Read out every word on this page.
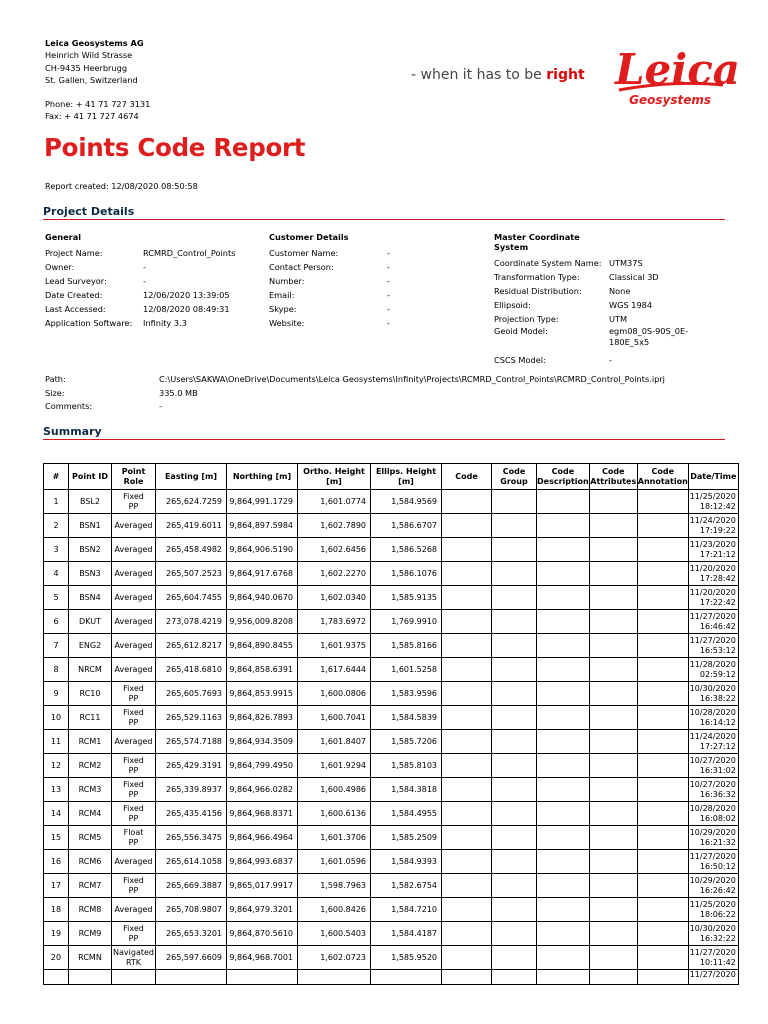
Leica Geosystems AG
Heinrich Wild Strasse
CH-9435 Heerbrugg
St. Gallen, Switzerland
Phone: + 41 71 727 3131
Fax: + 41 71 727 4674
- when it has to be right Leica
Geosystems
Points Code Report
Report created: 12/08/2020 08:50:58
Project Details
General
Project Name:	RCMRD_Control_Points
Owner:	-
Lead Surveyor:	-
Date Created:	12/06/2020 13:39:05
Last Accessed:	12/08/2020 08:49:31
Application Software:	Infinity 3.3
Customer Details
Customer Name:	-
Contact Person:	-
Number:	-
Email:	-
Skype:	-
Website:	-
Master Coordinate
System
Coordinate System Name: UTM37S
Transformation Type:	Classical 3D
Residual Distribution:	None
Ellipsoid:	WGS 1984
Projection Type:	UTM
Geoid Model:	egm08_0S-90S_0E-
180E_5x5
CSCS Model:	-
Path:	C:\Users\SAKWA\OneDrive\Documents\Leica Geosystems\Infinity\Projects\RCMRD_Control_Points\RCMRD_Control_Points.iprj
Size:	335.0 MB
Comments:	-
Summary
#	Point ID	Point
Role	Easting [m]	Northing [m]	Ortho. Height
[m]	Ellips. Height
[m]	Code	Code
Group	Code
Description	Code
Attributes	Code
Annotation	Date/Time
1	BSL2	Fixed
PP	265,624.7259	9,864,991.1729	1,601.0774	1,584.9569						11/25/2020
18:12:42
2	BSN1	Averaged	265,419.6011	9,864,897.5984	1,602.7890	1,586.6707						11/24/2020
17:19:22
3	BSN2	Averaged	265,458.4982	9,864,906.5190	1,602.6456	1,586.5268						11/23/2020
17:21:12
4	BSN3	Averaged	265,507.2523	9,864,917.6768	1,602.2270	1,586.1076						11/20/2020
17:28:42
5	BSN4	Averaged	265,604.7455	9,864,940.0670	1,602.0340	1,585.9135						11/20/2020
17:22:42
6	DKUT	Averaged	273,078.4219	9,956,009.8208	1,783.6972	1,769.9910						11/27/2020
16:46:42
7	ENG2	Averaged	265,612.8217	9,864,890.8455	1,601.9375	1,585.8166						11/27/2020
16:53:12
8	NRCM	Averaged	265,418.6810	9,864,858.6391	1,617.6444	1,601.5258						11/28/2020
02:59:12
9	RC10	Fixed
PP	265,605.7693	9,864,853.9915	1,600.0806	1,583.9596						10/30/2020
16:38:22
10	RC11	Fixed
PP	265,529.1163	9,864,826.7893	1,600.7041	1,584.5839						10/28/2020
16:14:12
11	RCM1	Averaged	265,574.7188	9,864,934.3509	1,601.8407	1,585.7206						11/24/2020
17:27:12
12	RCM2	Fixed
PP	265,429.3191	9,864,799.4950	1,601.9294	1,585.8103						10/27/2020
16:31:02
13	RCM3	Fixed
PP	265,339.8937	9,864,966.0282	1,600.4986	1,584.3818						10/27/2020
16:36:32
14	RCM4	Fixed
PP	265,435.4156	9,864,968.8371	1,600.6136	1,584.4955						10/28/2020
16:08:02
15	RCM5	Float
PP	265,556.3475	9,864,966.4964	1,601.3706	1,585.2509						10/29/2020
16:21:32
16	RCM6	Averaged	265,614.1058	9,864,993.6837	1,601.0596	1,584.9393						11/27/2020
16:50:12
17	RCM7	Fixed
PP	265,669.3887	9,865,017.9917	1,598.7963	1,582.6754						10/29/2020
16:26:42
18	RCM8	Averaged	265,708.9807	9,864,979.3201	1,600.8426	1,584.7210						11/25/2020
18:06:22
19	RCM9	Fixed
PP	265,653.3201	9,864,870.5610	1,600.5403	1,584.4187						10/30/2020
16:32:22
20	RCMN	Navigated
RTK	265,597.6609	9,864,968.7001	1,602.0723	1,585.9520						11/27/2020
10:11:42
												11/27/2020
